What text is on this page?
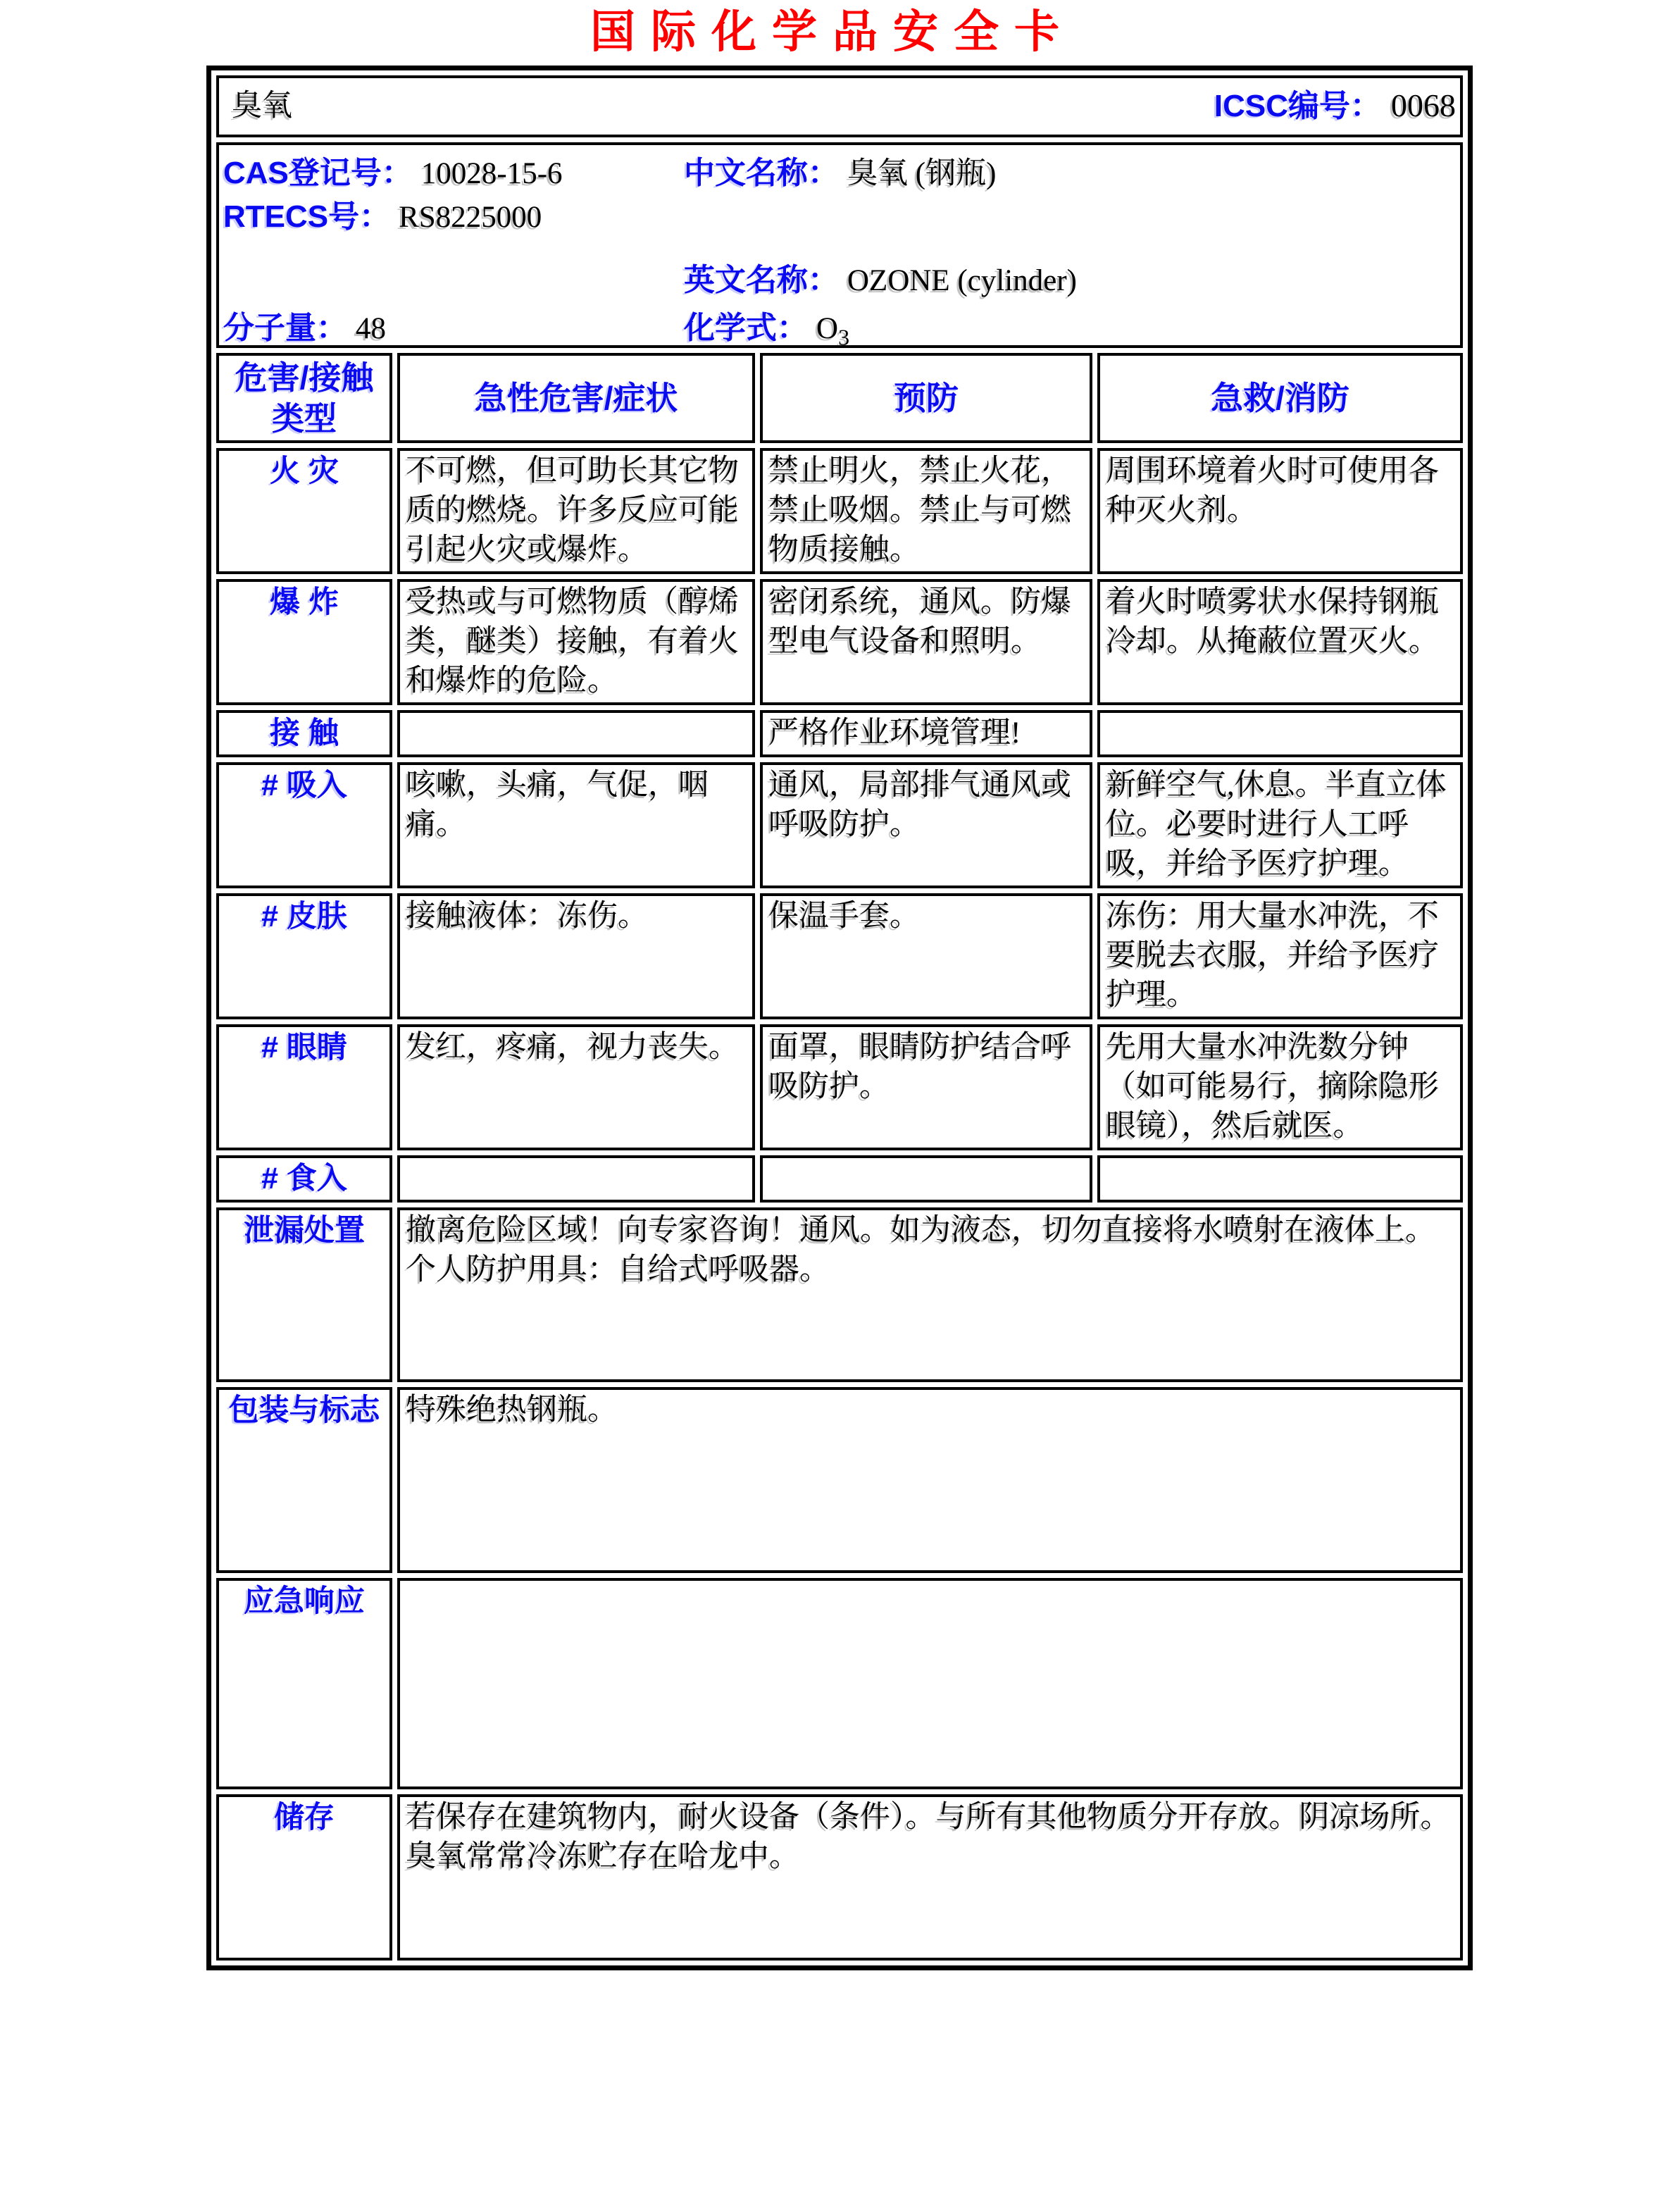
国际化学品安全卡
臭氧 ICSC编号： 0068			

CAS登记号： 10028-15-6	中文名称： 臭氧 (钢瓶)
RTECS号： RS8225000
英文名称： OZONE (cylinder)
分子量： 48	化学式： $O_3$

危害/接触
类型	急性危害/症状	预防	急救/消防
火 灾	不可燃，但可助长其它物质的燃烧。许多反应可能引起火灾或爆炸。	禁止明火，禁止火花，禁止吸烟。禁止与可燃物质接触。	周围环境着火时可使用各种灭火剂。
爆 炸	受热或与可燃物质（醇烯类，醚类）接触，有着火和爆炸的危险。	密闭系统，通风。防爆型电气设备和照明。	着火时喷雾状水保持钢瓶冷却。从掩蔽位置灭火。
接 触		严格作业环境管理!	
# 吸入	咳嗽，头痛，气促，咽痛。	通风，局部排气通风或呼吸防护。	新鲜空气,休息。半直立体位。必要时进行人工呼吸，并给予医疗护理。
# 皮肤	接触液体：冻伤。	保温手套。	冻伤：用大量水冲洗，不要脱去衣服，并给予医疗护理。
# 眼睛	发红，疼痛，视力丧失。	面罩，眼睛防护结合呼吸防护。	先用大量水冲洗数分钟（如可能易行，摘除隐形眼镜），然后就医。
# 食入			
泄漏处置	撤离危险区域！向专家咨询！通风。如为液态，切勿直接将水喷射在液体上。个人防护用具：自给式呼吸器。		
包装与标志	特殊绝热钢瓶。		
应急响应			
储存	若保存在建筑物内，耐火设备（条件）。与所有其他物质分开存放。阴凉场所。臭氧常常冷冻贮存在哈龙中。		
